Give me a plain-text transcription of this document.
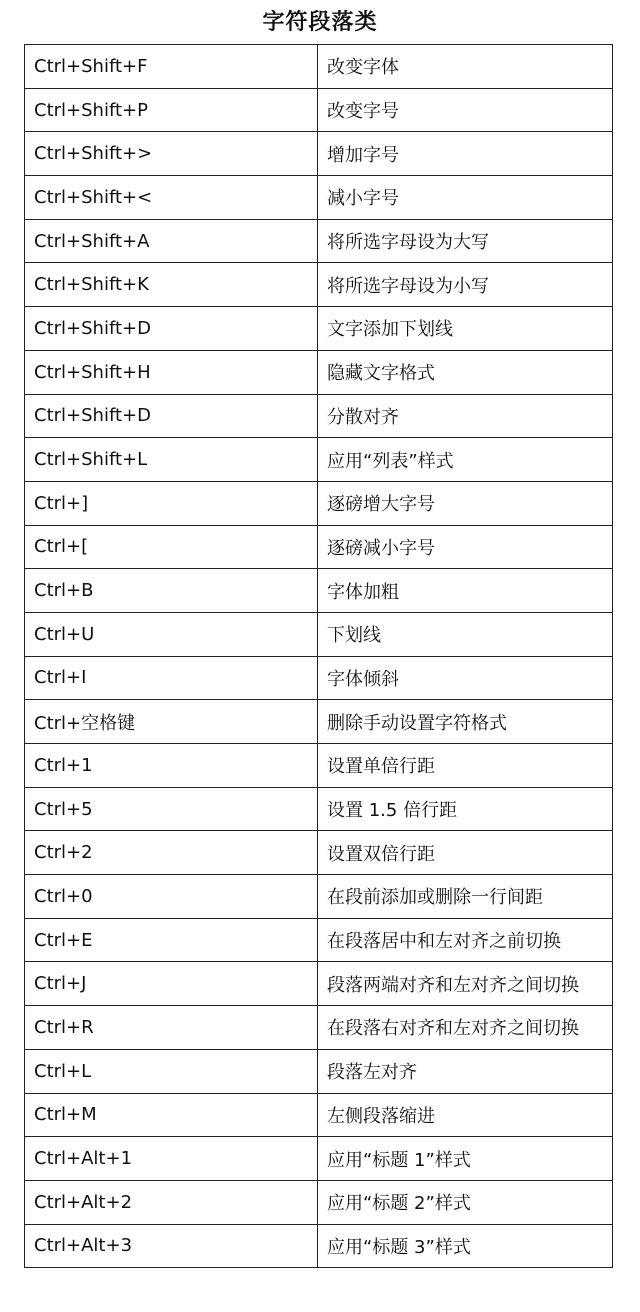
字符段落类
Ctrl+Shift+F	改变字体
Ctrl+Shift+P	改变字号
Ctrl+Shift+>	增加字号
Ctrl+Shift+<	减小字号
Ctrl+Shift+A	将所选字母设为大写
Ctrl+Shift+K	将所选字母设为小写
Ctrl+Shift+D	文字添加下划线
Ctrl+Shift+H	隐藏文字格式
Ctrl+Shift+D	分散对齐
Ctrl+Shift+L	应用“列表”样式
Ctrl+]	逐磅增大字号
Ctrl+[	逐磅减小字号
Ctrl+B	字体加粗
Ctrl+U	下划线
Ctrl+I	字体倾斜
Ctrl+空格键	删除手动设置字符格式
Ctrl+1	设置单倍行距
Ctrl+5	设置 1.5 倍行距
Ctrl+2	设置双倍行距
Ctrl+0	在段前添加或删除一行间距
Ctrl+E	在段落居中和左对齐之前切换
Ctrl+J	段落两端对齐和左对齐之间切换
Ctrl+R	在段落右对齐和左对齐之间切换
Ctrl+L	段落左对齐
Ctrl+M	左侧段落缩进
Ctrl+Alt+1	应用“标题 1”样式
Ctrl+Alt+2	应用“标题 2”样式
Ctrl+Alt+3	应用“标题 3”样式
